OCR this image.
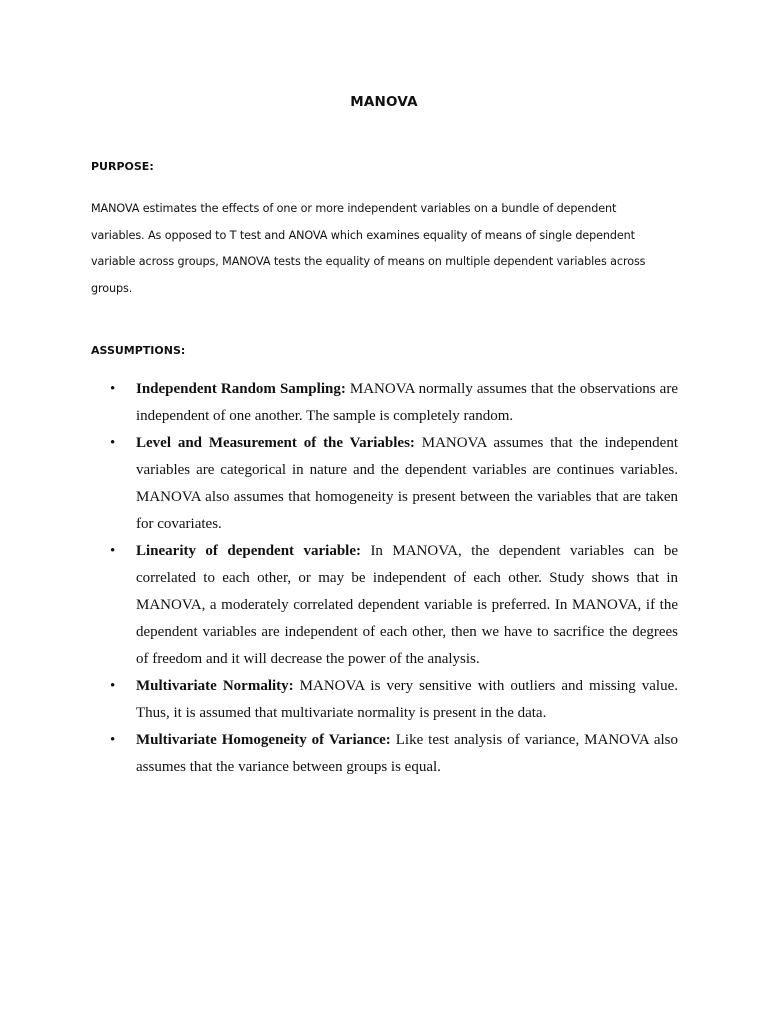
MANOVA
PURPOSE:

MANOVA estimates the effects of one or more independent variables on a bundle of dependent variables. As opposed to T test and ANOVA which examines equality of means of single dependent variable across groups, MANOVA tests the equality of means on multiple dependent variables across groups.

ASSUMPTIONS:
•	Independent Random Sampling: MANOVA normally assumes that the observations are independent of one another. The sample is completely random.
•	Level and Measurement of the Variables: MANOVA assumes that the independent variables are categorical in nature and the dependent variables are continues variables. MANOVA also assumes that homogeneity is present between the variables that are taken for covariates.
•	Linearity of dependent variable: In MANOVA, the dependent variables can be correlated to each other, or may be independent of each other. Study shows that in MANOVA, a moderately correlated dependent variable is preferred. In MANOVA, if the dependent variables are independent of each other, then we have to sacrifice the degrees of freedom and it will decrease the power of the analysis.
•	Multivariate Normality: MANOVA is very sensitive with outliers and missing value. Thus, it is assumed that multivariate normality is present in the data.
•	Multivariate Homogeneity of Variance: Like test analysis of variance, MANOVA also assumes that the variance between groups is equal.
